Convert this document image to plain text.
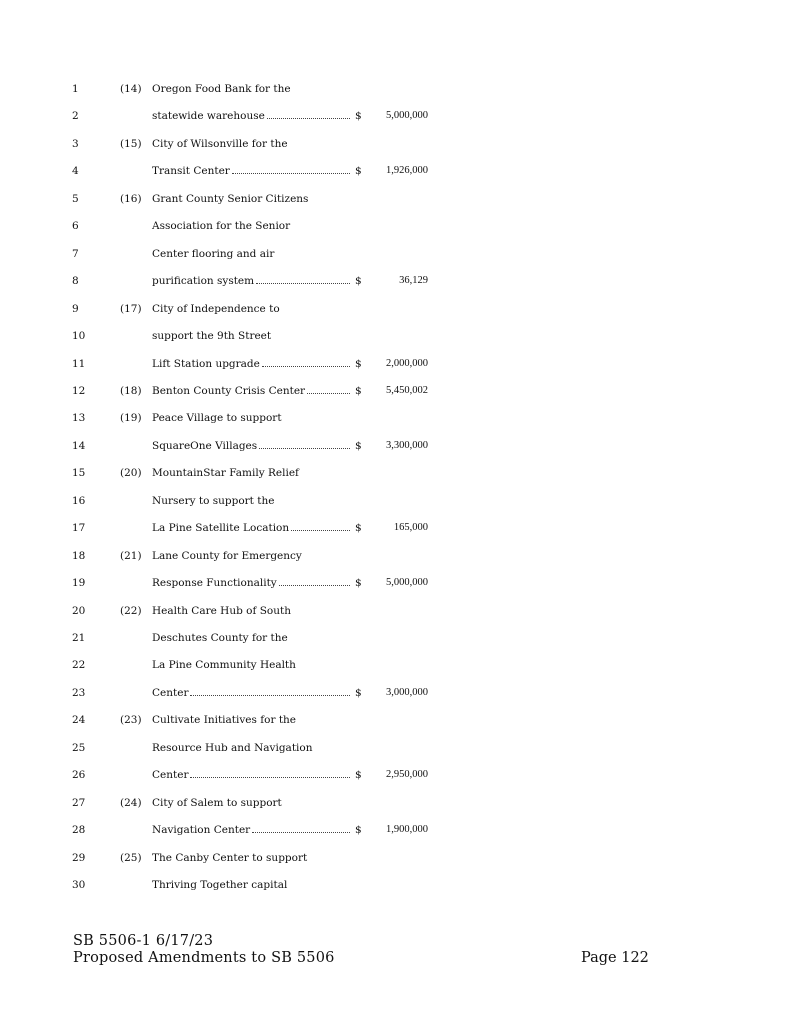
1	(14) Oregon Food Bank for the
2	statewide warehouse	$	5,000,000
3	(15) City of Wilsonville for the
4	Transit Center	$	1,926,000
5	(16) Grant County Senior Citizens
6	Association for the Senior
7	Center flooring and air
8	purification system	$	36,129
9	(17) City of Independence to
10	support the 9th Street
11	Lift Station upgrade	$	2,000,000
12	(18) Benton County Crisis Center	$	5,450,002
13	(19) Peace Village to support
14	SquareOne Villages	$	3,300,000
15	(20) MountainStar Family Relief
16	Nursery to support the
17	La Pine Satellite Location	$	165,000
18	(21) Lane County for Emergency
19	Response Functionality	$	5,000,000
20	(22) Health Care Hub of South
21	Deschutes County for the
22	La Pine Community Health
23	Center	$	3,000,000
24	(23) Cultivate Initiatives for the
25	Resource Hub and Navigation
26	Center	$	2,950,000
27	(24) City of Salem to support
28	Navigation Center	$	1,900,000
29	(25) The Canby Center to support
30	Thriving Together capital
SB 5506-1 6/17/23
Proposed Amendments to SB 5506	Page 122
